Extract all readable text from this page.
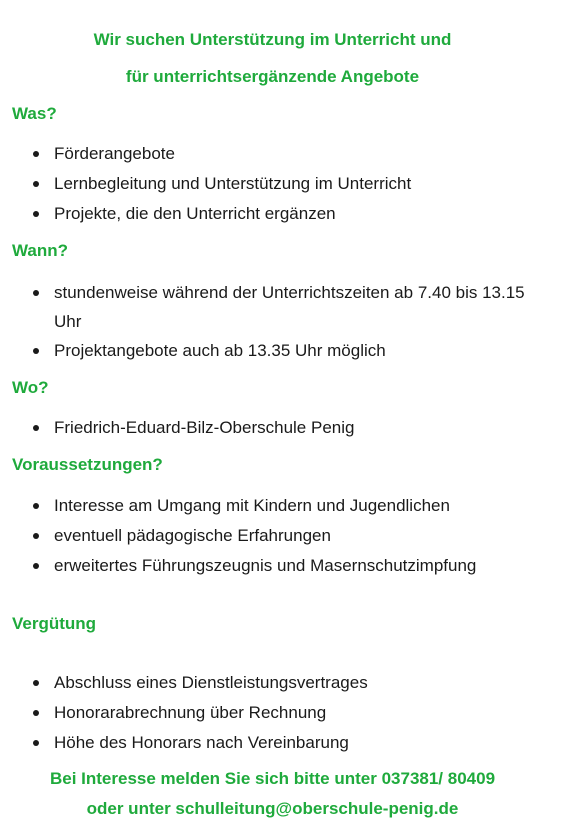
Wir suchen Unterstützung im Unterricht und
für unterrichtsergänzende Angebote
Was?
Förderangebote
Lernbegleitung und Unterstützung im Unterricht
Projekte, die den Unterricht ergänzen
Wann?
stundenweise während der Unterrichtszeiten ab 7.40 bis 13.15 Uhr
Projektangebote auch ab 13.35 Uhr möglich
Wo?
Friedrich-Eduard-Bilz-Oberschule Penig
Voraussetzungen?
Interesse am Umgang mit Kindern und Jugendlichen
eventuell pädagogische Erfahrungen
erweitertes Führungszeugnis und Masernschutzimpfung
Vergütung
Abschluss eines Dienstleistungsvertrages
Honorarabrechnung über Rechnung
Höhe des Honorars nach Vereinbarung
Bei Interesse melden Sie sich bitte unter 037381/ 80409
oder unter schulleitung@oberschule-penig.de
